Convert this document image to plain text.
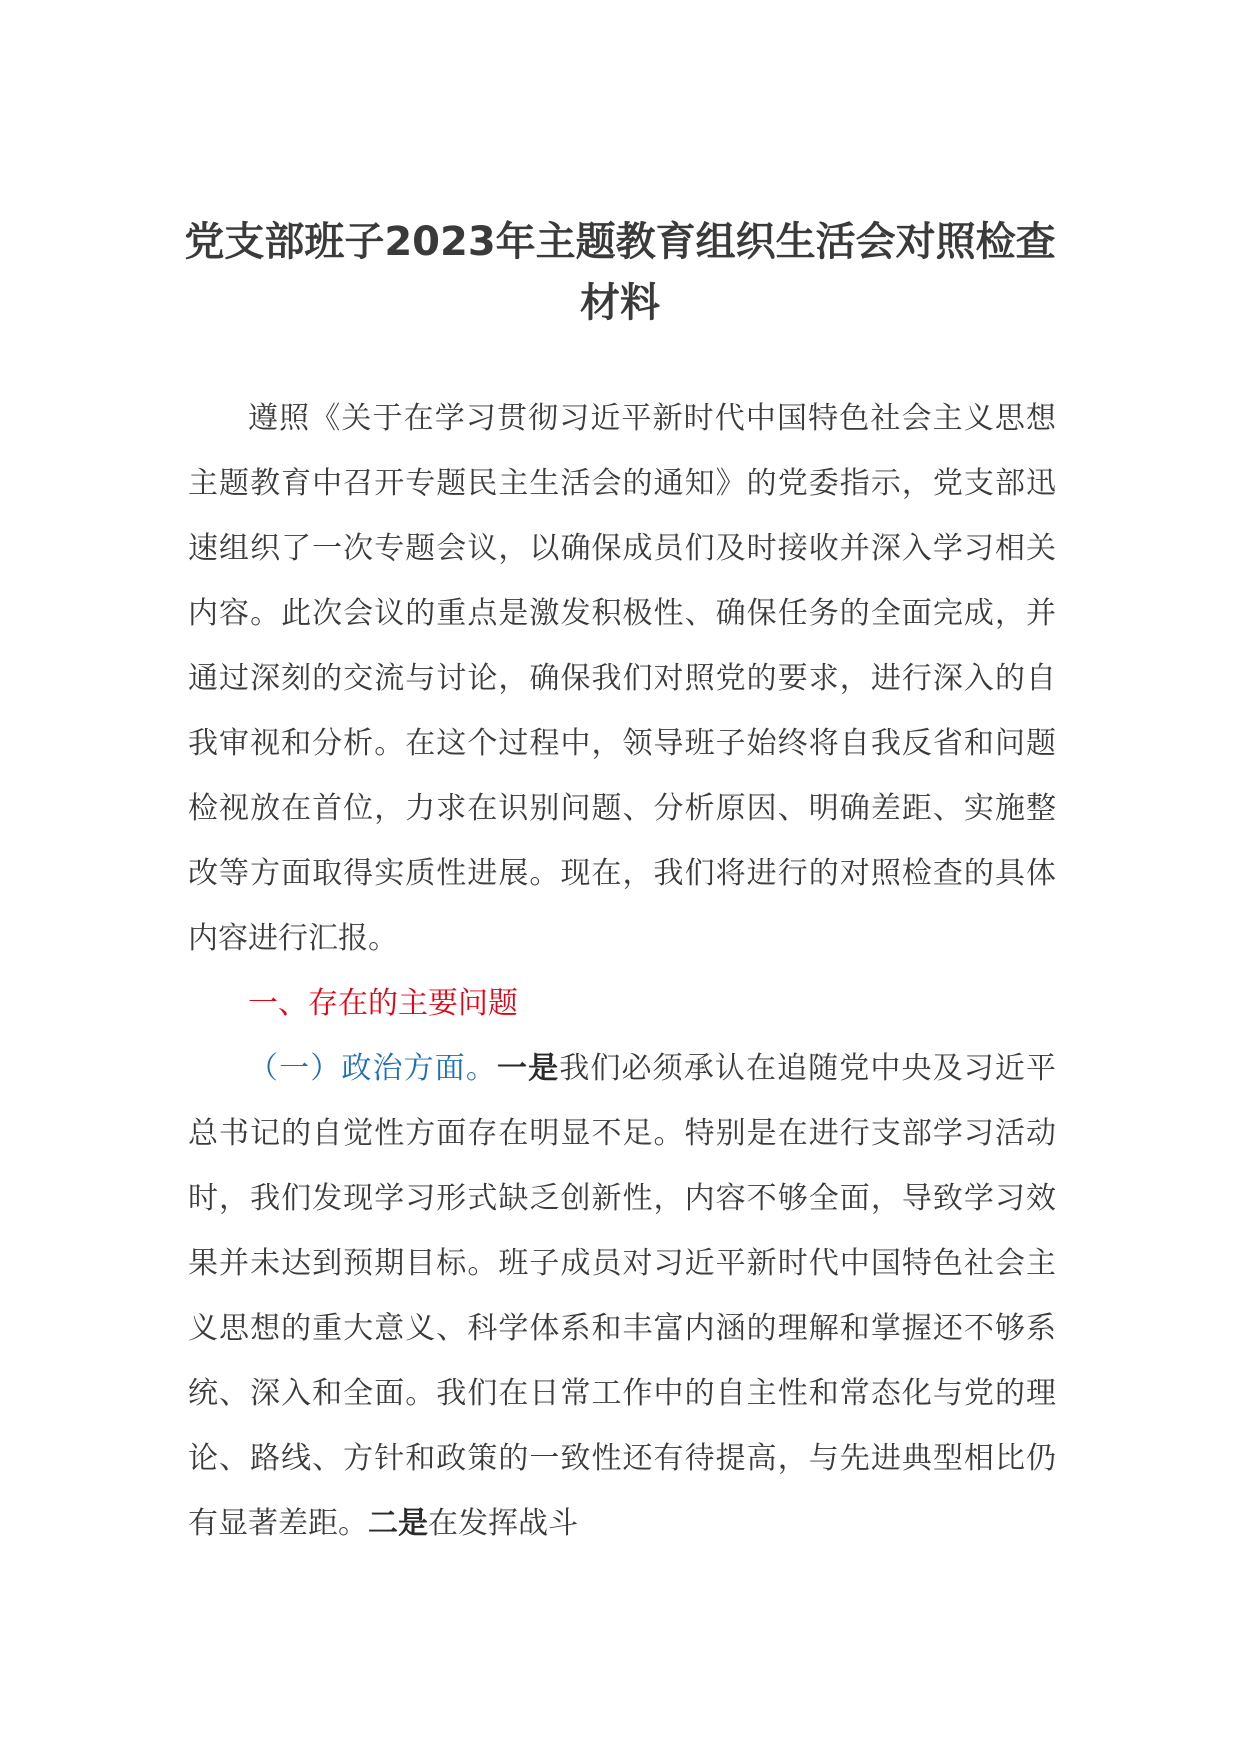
党支部班子2023年主题教育组织生活会对照检查材料

遵照《关于在学习贯彻习近平新时代中国特色社会主义思想主题教育中召开专题民主生活会的通知》的党委指示，党支部迅速组织了一次专题会议，以确保成员们及时接收并深入学习相关内容。此次会议的重点是激发积极性、确保任务的全面完成，并通过深刻的交流与讨论，确保我们对照党的要求，进行深入的自我审视和分析。在这个过程中，领导班子始终将自我反省和问题检视放在首位，力求在识别问题、分析原因、明确差距、实施整改等方面取得实质性进展。现在，我们将进行的对照检查的具体内容进行汇报。

一、存在的主要问题

（一）政治方面。一是我们必须承认在追随党中央及习近平总书记的自觉性方面存在明显不足。特别是在进行支部学习活动时，我们发现学习形式缺乏创新性，内容不够全面，导致学习效果并未达到预期目标。班子成员对习近平新时代中国特色社会主义思想的重大意义、科学体系和丰富内涵的理解和掌握还不够系统、深入和全面。我们在日常工作中的自主性和常态化与党的理论、路线、方针和政策的一致性还有待提高，与先进典型相比仍有显著差距。二是在发挥战斗
